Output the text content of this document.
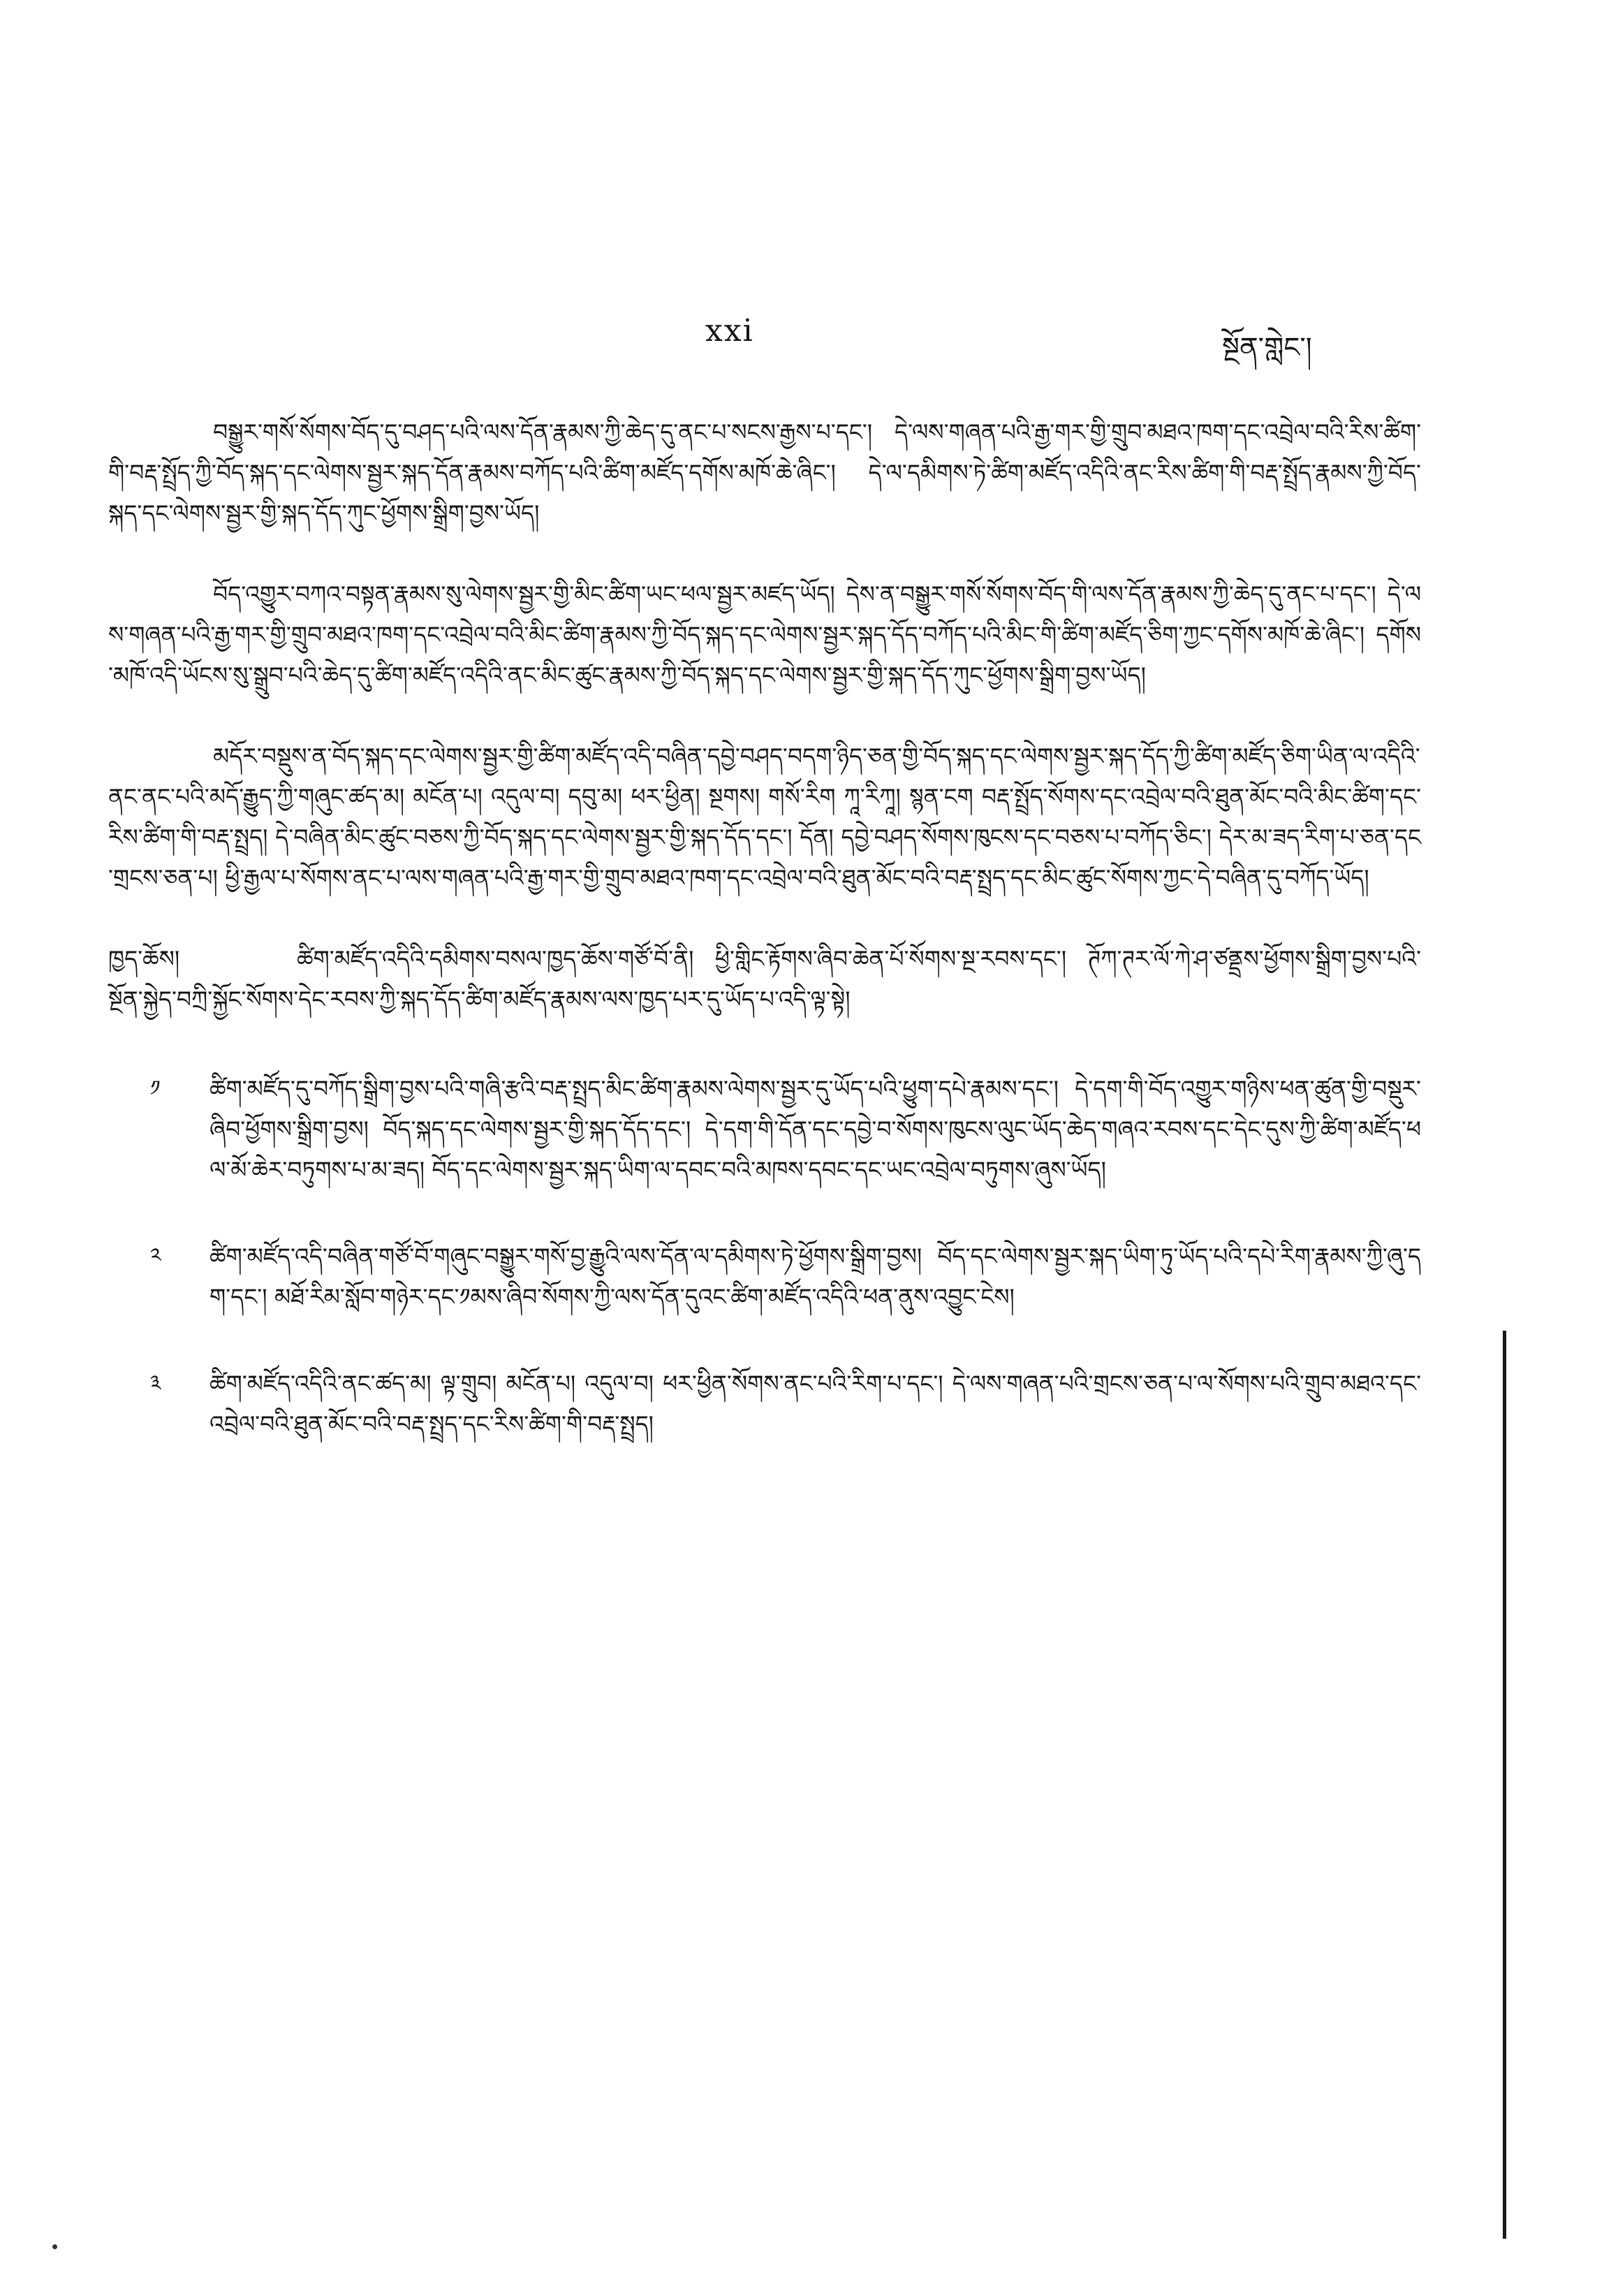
xxi	སྔོན་གླེང་།

བསྒྱུར་གསོ་སོགས་བོད་དུ་བཤད་པའི་ལས་དོན་རྣམས་ཀྱི་ཆེད་དུ་ནང་པ་སངས་རྒྱས་པ་དང་། དེ་ལས་གཞན་པའི་རྒྱ་གར་གྱི་གྲུབ་མཐའ་ཁག་དང་འབྲེལ་བའི་རིས་ཚིག་གི་བརྡ་སྤྲོད་ཀྱི་བོད་སྐད་དང་ལེགས་སྦྱར་སྐད་དོན་རྣམས་བཀོད་པའི་ཚིག་མཛོད་དགོས་མཁོ་ཆེ་ཞིང་། དེ་ལ་དམིགས་ཏེ་ཚིག་མཛོད་འདིའི་ནང་རིས་ཚིག་གི་བརྡ་སྤྲོད་རྣམས་ཀྱི་བོད་སྐད་དང་ལེགས་སྦྱར་གྱི་སྐད་དོད་ཀུང་ཕྱོགས་སྒྲིག་བྱས་ཡོད།

བོད་འགྱུར་བཀའ་བསྟན་རྣམས་སུ་ལེགས་སྦྱར་གྱི་མིང་ཚིག་ཡང་ཕལ་སྦྱར་མཛད་ཡོད། དེས་ན་བསྒྱུར་གསོ་སོགས་བོད་གི་ལས་དོན་རྣམས་ཀྱི་ཆེད་དུ་ནང་པ་དང་། དེ་ལས་གཞན་པའི་རྒྱ་གར་གྱི་གྲུབ་མཐའ་ཁག་དང་འབྲེལ་བའི་མིང་ཚིག་རྣམས་ཀྱི་བོད་སྐད་དང་ལེགས་སྦྱར་སྐད་དོད་བཀོད་པའི་མིང་གི་ཚིག་མཛོད་ཅིག་ཀྱང་དགོས་མཁོ་ཆེ་ཞིང་། དགོས་མཁོ་འདི་ཡོངས་སུ་སྒྲུབ་པའི་ཆེད་དུ་ཚིག་མཛོད་འདིའི་ནང་མིང་ཚུང་རྣམས་ཀྱི་བོད་སྐད་དང་ལེགས་སྦྱར་གྱི་སྐད་དོད་ཀུང་ཕྱོགས་སྒྲིག་བྱས་ཡོད།

མདོར་བསྡུས་ན་བོད་སྐད་དང་ལེགས་སྦྱར་གྱི་ཚིག་མཛོད་འདི་བཞིན་དབྱེ་བཤད་བདག་ཉིད་ཅན་གྱི་བོད་སྐད་དང་ལེགས་སྦྱར་སྐད་དོད་ཀྱི་ཚིག་མཛོད་ཅིག་ཡིན་ལ་འདིའི་ནང་ནང་པའི་མདོ་རྒྱུད་ཀྱི་གཞུང་ཚད་མ། མངོན་པ། འདུལ་བ། དབུ་མ། ཕར་ཕྱིན། སྔགས། གསོ་རིག ཀཱ་རིཀཱ། སྙན་ངག བརྡ་སྤྲོད་སོགས་དང་འབྲེལ་བའི་ཐུན་མོང་བའི་མིང་ཚིག་དང་རིས་ཚིག་གི་བརྡ་སྤྲད། དེ་བཞིན་མིང་ཚུང་བཅས་ཀྱི་བོད་སྐད་དང་ལེགས་སྦྱར་གྱི་སྐད་དོད་དང་། དོན། དབྱེ་བཤད་སོགས་ཁུངས་དང་བཅས་པ་བཀོད་ཅིང་། དེར་མ་ཟད་རིག་པ་ཅན་དང་གྲངས་ཅན་པ། ཕྱི་རྒྱལ་པ་སོགས་ནང་པ་ལས་གཞན་པའི་རྒྱ་གར་གྱི་གྲུབ་མཐའ་ཁག་དང་འབྲེལ་བའི་ཐུན་མོང་བའི་བརྡ་སྤྲད་དང་མིང་ཚུང་སོགས་ཀྱང་དེ་བཞིན་དུ་བཀོད་ཡོད།

ཁྱད་ཆོས།	ཚིག་མཛོད་འདིའི་དམིགས་བསལ་ཁྱད་ཆོས་གཙོ་བོ་ནི། ཕྱི་གླིང་རྟོགས་ཞིབ་ཆེན་པོ་སོགས་སྔ་རབས་དང་། ཊོཀ་ཊར་ལོ་ཀེ་ཤ་ཙནྡྲས་ཕྱོགས་སྒྲིག་བྱས་པའི་སྔོན་སྐྱེད་བཀྲི་སྐྱོང་སོགས་དེང་རབས་ཀྱི་སྐད་དོད་ཚིག་མཛོད་རྣམས་ལས་ཁྱད་པར་དུ་ཡོད་པ་འདི་ལྟ་སྟེ།

༡ ཚིག་མཛོད་དུ་བཀོད་སྒྲིག་བྱས་པའི་གཞི་རྩའི་བརྡ་སྤྲད་མིང་ཚིག་རྣམས་ལེགས་སྦྱར་དུ་ཡོད་པའི་ཕྱུག་དཔེ་རྣམས་དང་། དེ་དག་གི་བོད་འགྱུར་གཉིས་ཕན་ཚུན་གྱི་བསྡུར་ཞིབ་ཕྱོགས་སྒྲིག་བྱས། བོད་སྐད་དང་ལེགས་སྦྱར་གྱི་སྐད་དོད་དང་། དེ་དག་གི་དོན་དང་དབྱེ་བ་སོགས་ཁུངས་ལུང་ཡོད་ཆེད་གཞའ་རབས་དང་དེང་དུས་ཀྱི་ཚིག་མཛོད་ཕལ་མོ་ཆེར་བཏུགས་པ་མ་ཟད། བོད་དང་ལེགས་སྦྱར་སྐད་ཡིག་ལ་དབང་བའི་མཁས་དབང་དང་ཡང་འབྲེལ་བཏུགས་ཞུས་ཡོད།
༢ ཚིག་མཛོད་འདི་བཞིན་གཙོ་བོ་གཞུང་བསྒྱུར་གསོ་བྱ་རྒྱུའི་ལས་དོན་ལ་དམིགས་ཏེ་ཕྱོགས་སྒྲིག་བྱས། བོད་དང་ལེགས་སྦྱར་སྐད་ཡིག་ཏུ་ཡོད་པའི་དཔེ་རིག་རྣམས་ཀྱི་ཞུ་དག་དང་། མཐོ་རིམ་སློབ་གཉེར་དང་༡མས་ཞིབ་སོགས་ཀྱི་ལས་དོན་དུའང་ཚིག་མཛོད་འདིའི་ཕན་ནུས་འབྱུང་ངེས།
༣ ཚིག་མཛོད་འདིའི་ནང་ཚད་མ། ལྟ་གྲུབ། མངོན་པ། འདུལ་བ། ཕར་ཕྱིན་སོགས་ནང་པའི་རིག་པ་དང་། དེ་ལས་གཞན་པའི་གྲངས་ཅན་པ་ལ་སོགས་པའི་གྲུབ་མཐའ་དང་འབྲེལ་བའི་ཐུན་མོང་བའི་བརྡ་སྤྲད་དང་རིས་ཚིག་གི་བརྡ་སྤྲད།
